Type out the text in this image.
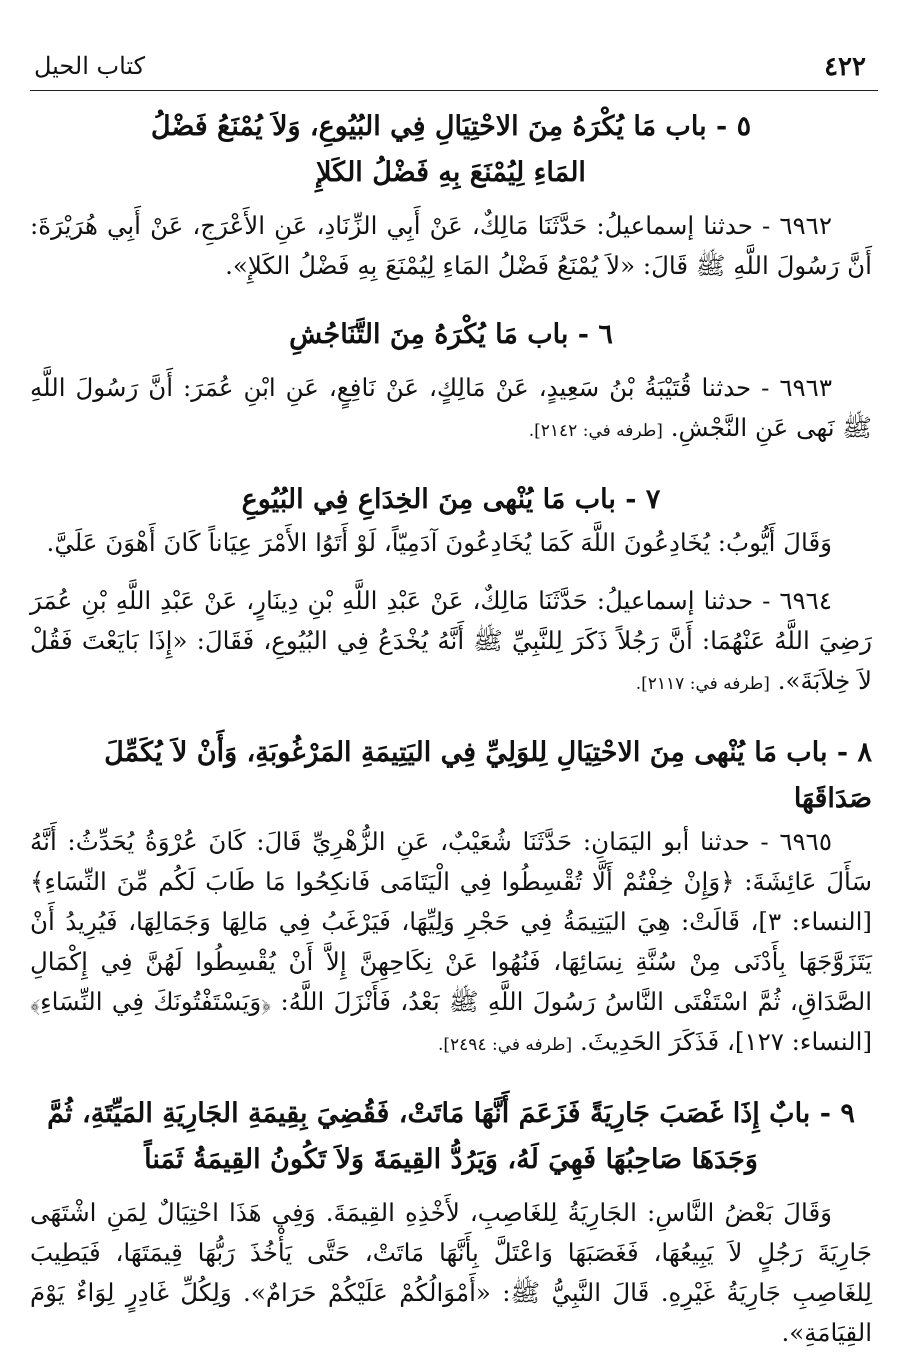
٤٢٢
كتاب الحيل
٥ - باب مَا يُكْرَهُ مِنَ الاحْتِيَالِ فِي البُيُوعِ، وَلاَ يُمْنَعُ فَضْلُ
المَاءِ لِيُمْنَعَ بِهِ فَضْلُ الكَلإِ

٦٩٦٢ - حدثنا إسماعيلُ: حَدَّثَنَا مَالِكٌ، عَنْ أَبِي الزِّنَادِ، عَنِ الأَعْرَجِ، عَنْ أَبِي هُرَيْرَةَ: أَنَّ رَسُولَ اللَّهِ ﷺ قَالَ: «لاَ يُمْنَعُ فَضْلُ المَاءِ لِيُمْنَعَ بِهِ فَضْلُ الكَلإِ».

٦ - باب مَا يُكْرَهُ مِنَ التَّنَاجُشِ

٦٩٦٣ - حدثنا قُتَيْبَةُ بْنُ سَعِيدٍ، عَنْ مَالِكٍ، عَنْ نَافِعٍ، عَنِ ابْنِ عُمَرَ: أَنَّ رَسُولَ اللَّهِ ﷺ نَهى عَنِ النَّجْشِ. [طرفه في: ٢١٤٢].

٧ - باب مَا يُنْهى مِنَ الخِدَاعِ فِي البُيُوعِ

وَقَالَ أَيُّوبُ: يُخَادِعُونَ اللَّهَ كَمَا يُخَادِعُونَ آدَمِيّاً، لَوْ أَتَوُا الأَمْرَ عِيَاناً كَانَ أَهْوَنَ عَلَيَّ.

٦٩٦٤ - حدثنا إسماعيلُ: حَدَّثَنَا مَالِكٌ، عَنْ عَبْدِ اللَّهِ بْنِ دِينَارٍ، عَنْ عَبْدِ اللَّهِ بْنِ عُمَرَ رَضِيَ اللَّهُ عَنْهُمَا: أَنَّ رَجُلاً ذَكَرَ لِلنَّبِيِّ ﷺ أَنَّهُ يُخْدَعُ فِي البُيُوعِ، فَقَالَ: «إِذَا بَايَعْتَ فَقُلْ لاَ خِلاَبَةَ». [طرفه في: ٢١١٧].

٨ - باب مَا يُنْهى مِنَ الاحْتِيَالِ لِلوَلِيِّ فِي اليَتِيمَةِ المَرْغُوبَةِ، وَأَنْ لاَ يُكَمِّلَ صَدَاقَهَا

٦٩٦٥ - حدثنا أبو اليَمَانِ: حَدَّثَنَا شُعَيْبٌ، عَنِ الزُّهْرِيِّ قَالَ: كَانَ عُرْوَةُ يُحَدِّثُ: أَنَّهُ سَأَلَ عَائِشَةَ: ﴿وَإِنْ خِفْتُمْ أَلَّا تُقْسِطُوا فِي الْيَتَامَى فَانكِحُوا مَا طَابَ لَكُم مِّنَ النِّسَاءِ﴾ [النساء: ٣]، قَالَتْ: هِيَ اليَتِيمَةُ فِي حَجْرِ وَلِيِّهَا، فَيَرْغَبُ فِي مَالِهَا وَجَمَالِهَا، فَيُرِيدُ أَنْ يَتَزَوَّجَهَا بِأَدْنَى مِنْ سُنَّةِ نِسَائِهَا، فَنُهُوا عَنْ نِكَاحِهِنَّ إِلاَّ أَنْ يُقْسِطُوا لَهُنَّ فِي إِكْمَالِ الصَّدَاقِ، ثُمَّ اسْتَفْتَى النَّاسُ رَسُولَ اللَّهِ ﷺ بَعْدُ، فَأَنْزَلَ اللَّهُ: ﴿وَيَسْتَفْتُونَكَ فِي النِّسَاءِ﴾ [النساء: ١٢٧]، فَذَكَرَ الحَدِيثَ. [طرفه في: ٢٤٩٤].

٩ - بابٌ إِذَا غَصَبَ جَارِيَةً فَزَعَمَ أَنَّهَا مَاتَتْ، فَقُضِيَ بِقِيمَةِ الجَارِيَةِ المَيِّتَةِ، ثُمَّ
وَجَدَهَا صَاحِبُهَا فَهِيَ لَهُ، وَيَرُدُّ القِيمَةَ وَلاَ تَكُونُ القِيمَةُ ثَمَناً

وَقَالَ بَعْضُ النَّاسِ: الجَارِيَةُ لِلغَاصِبِ، لأَخْذِهِ القِيمَةَ. وَفِي هَذَا احْتِيَالٌ لِمَنِ اشْتَهَى جَارِيَةَ رَجُلٍ لاَ يَبِيعُهَا، فَغَصَبَهَا وَاعْتَلَّ بِأَنَّهَا مَاتَتْ، حَتَّى يَأْخُذَ رَبُّهَا قِيمَتَهَا، فَيَطِيبَ لِلغَاصِبِ جَارِيَةُ غَيْرِهِ. قَالَ النَّبِيُّ ﷺ: «أَمْوَالُكُمْ عَلَيْكُمْ حَرَامٌ». وَلِكُلِّ غَادِرٍ لِوَاءٌ يَوْمَ القِيَامَةِ».
